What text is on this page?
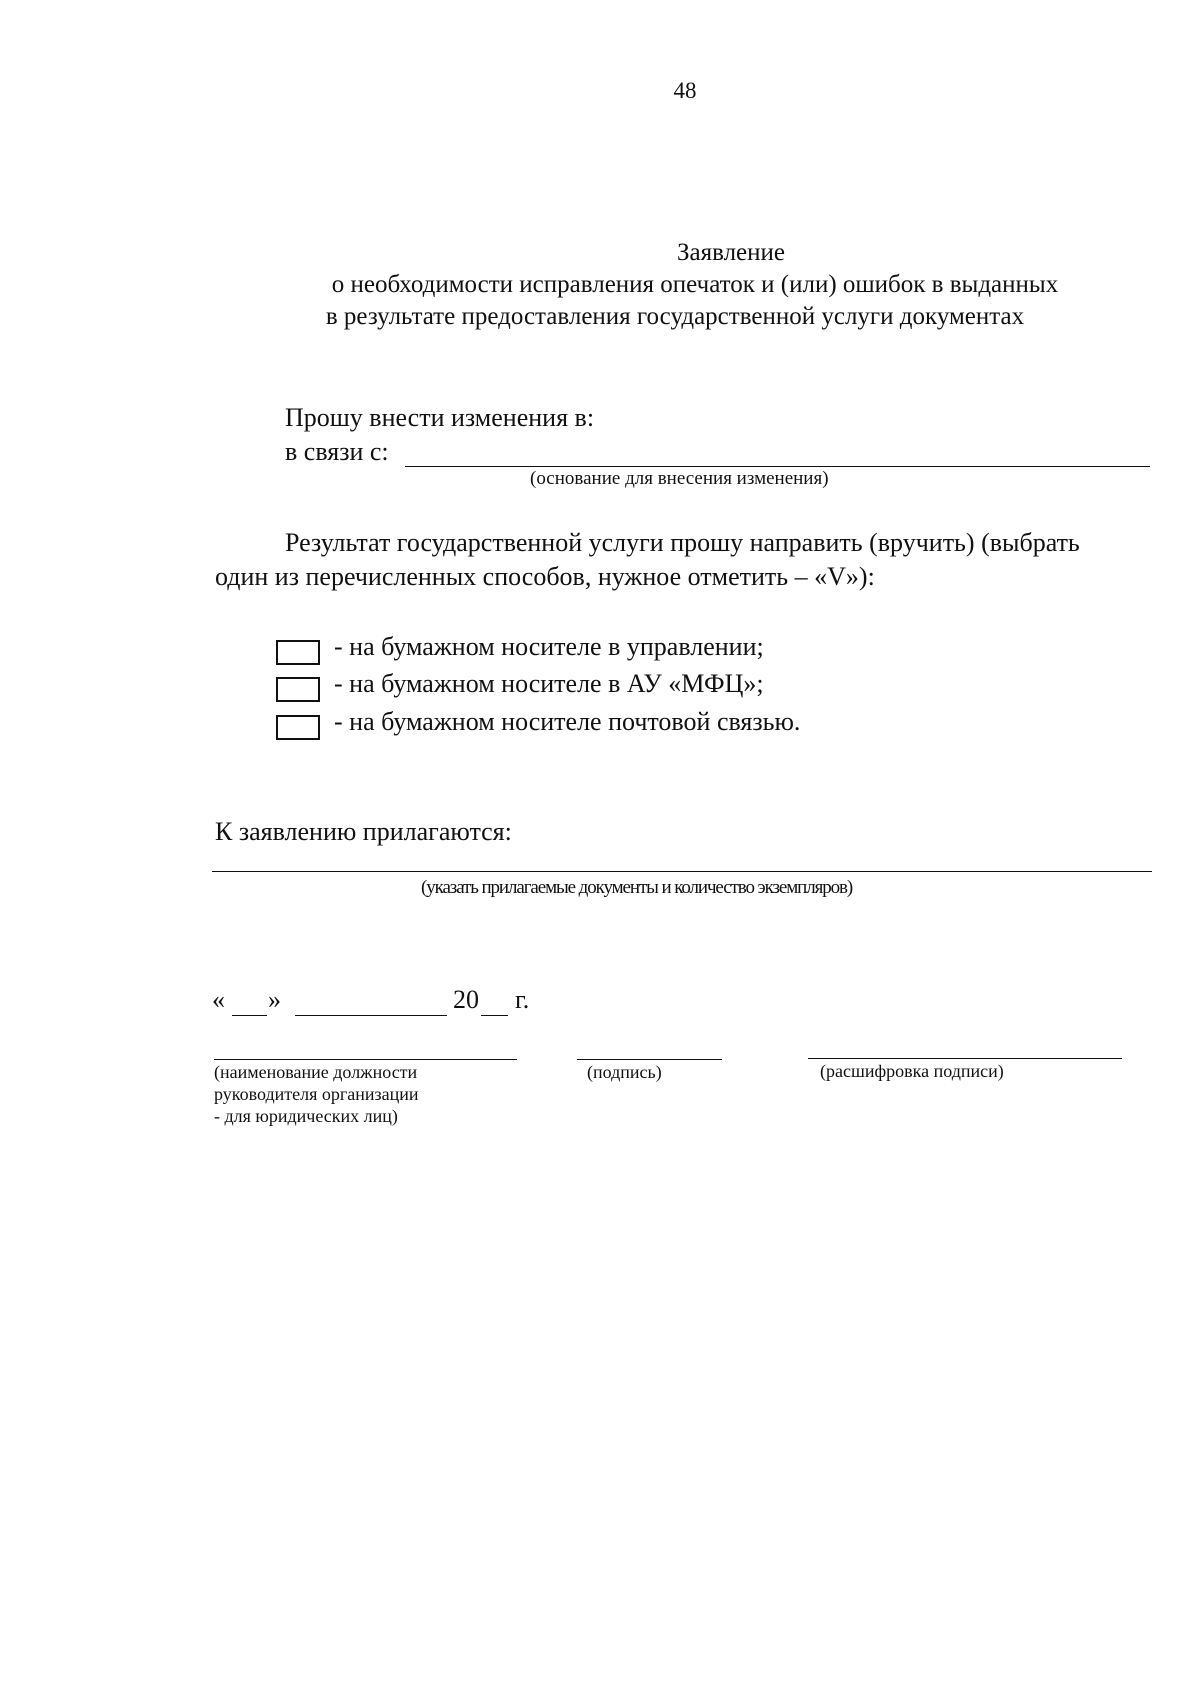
48
Заявление
о необходимости исправления опечаток и (или) ошибок в выданных
в результате предоставления государственной услуги документах
Прошу внести изменения в:
в связи с:
(основание для внесения изменения)
Результат государственной услуги прошу направить (вручить) (выбрать
один из перечисленных способов, нужное отметить – «V»):
- на бумажном носителе в управлении;
- на бумажном носителе в АУ «МФЦ»;
- на бумажном носителе почтовой связью.
К заявлению прилагаются:
(указать прилагаемые документы и количество экземпляров)
« »	20 г.
(наименование должности
руководителя организации
- для юридических лиц)
(подпись)	(расшифровка подписи)
